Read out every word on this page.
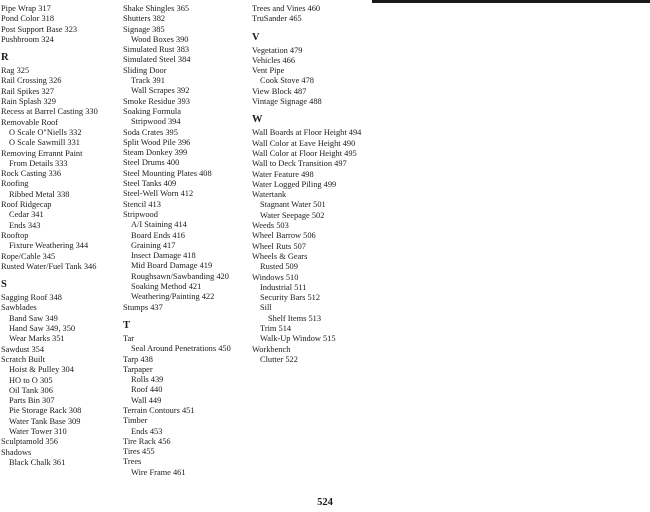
Pipe Wrap 317
Pond Color 318
Post Support Base 323
Pushbroom 324
R
Rag 325
Rail Crossing 326
Rail Spikes 327
Rain Splash 329
Recess at Barrel Casting 330
Removable Roof
O Scale O"Niells 332
O Scale Sawmill 331
Removing Errannt Paint
From Details 333
Rock Casting 336
Roofing
Ribbed Metal 338
Roof Ridgecap
Cedar 341
Ends 343
Rooftop
Fixture Weathering 344
Rope/Cable 345
Rusted Water/Fuel Tank 346
S
Sagging Roof 348
Sawblades
Band Saw 349
Hand Saw 349, 350
Wear Marks 351
Sawdust 354
Scratch Built
Hoist & Pulley 304
HO to O 305
Oil Tank 306
Parts Bin 307
Pie Storage Rack 308
Water Tank Base 309
Water Tower 310
Sculptamold 356
Shadows
Black Chalk 361
Shake Shingles 365
Shutters 382
Signage 385
Wood Boxes 390
Simulated Rust 383
Simulated Steel 384
Sliding Door
Track 391
Wall Scrapes 392
Smoke Residue 393
Soaking Formula
Stripwood 394
Soda Crates 395
Split Wood Pile 396
Steam Donkey 399
Steel Drums 400
Steel Mounting Plates 408
Steel Tanks 409
Steel-Well Worn 412
Stencil 413
Stripwood
A/I Staining 414
Board Ends 416
Graining 417
Insect Damage 418
Mid Board Damage 419
Roughsawn/Sawbanding 420
Soaking Method 421
Weathering/Painting 422
Stumps 437
T
Tar
Seal Around Penetrations 450
Tarp 438
Tarpaper
Rolls 439
Roof 440
Wall 449
Terrain Contours 451
Timber
Ends 453
Tire Rack 456
Tires 455
Trees
Wire Frame 461
Trees and Vines 460
TruSander 465
V
Vegetation 479
Vehicles 466
Vent Pipe
Cook Stove 478
View Block 487
Vintage Signage 488
W
Wall Boards at Floor Height 494
Wall Color at Eave Height 490
Wall Color at Floor Height 495
Wall to Deck Transition 497
Water Feature 498
Water Logged Piling 499
Watertank
Stagnant Water 501
Water Seepage 502
Weeds 503
Wheel Barrow 506
Wheel Ruts 507
Wheels & Gears
Rusted 509
Windows 510
Industrial 511
Security Bars 512
Sill
Shelf Items 513
Trim 514
Walk-Up Window 515
Workbench
Clutter 522
524
